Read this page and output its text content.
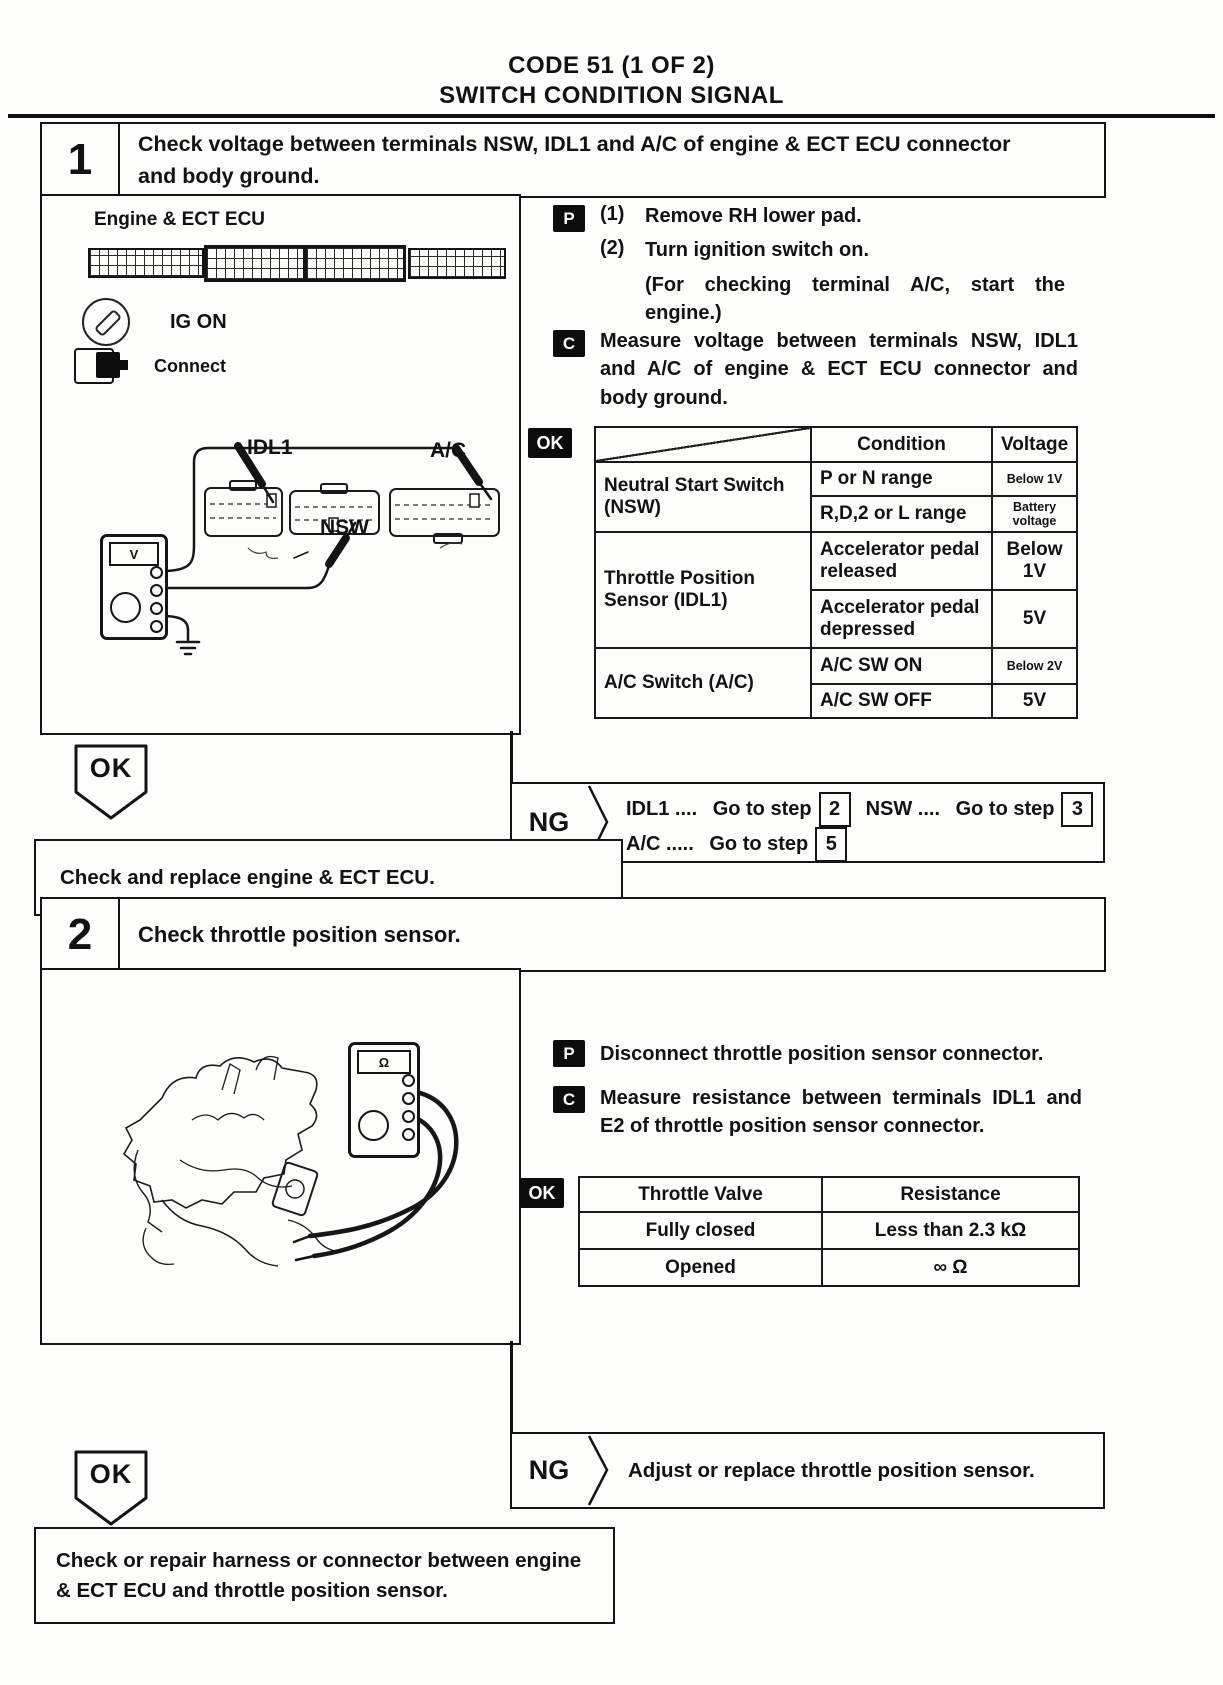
CODE 51 (1 OF 2)
SWITCH CONDITION SIGNAL
1	Check voltage between terminals NSW, IDL1 and A/C of engine & ECT ECU connector and body ground.
Engine & ECT ECU
IG ON
Connect
IDL1	A/C
NSW
V
P	(1)	Remove RH lower pad.
(2)	Turn ignition switch on.
(For checking terminal A/C, start the engine.)
C	Measure voltage between terminals NSW, IDL1 and A/C of engine & ECT ECU connector and body ground.
OK
		Condition	Voltage
Neutral Start Switch (NSW)	P or N range	Below 1V
	R,D,2 or L range	Battery voltage
Throttle Position Sensor (IDL1)	Accelerator pedal released	Below 1V
	Accelerator pedal depressed	5V
A/C Switch (A/C)	A/C SW ON	Below 2V
	A/C SW OFF	5V
NG	IDL1 .... Go to step 2 NSW .... Go to step 3
A/C ..... Go to step 5
OK
Check and replace engine & ECT ECU.
2	Check throttle position sensor.
Ω	P	Disconnect throttle position sensor connector.
C	Measure resistance between terminals IDL1 and E2 of throttle position sensor connector.
OK	Throttle Valve	Resistance
Fully closed	Less than 2.3 kΩ
Opened	∞ Ω
NG	Adjust or replace throttle position sensor.
OK
Check or repair harness or connector between engine & ECT ECU and throttle position sensor.
